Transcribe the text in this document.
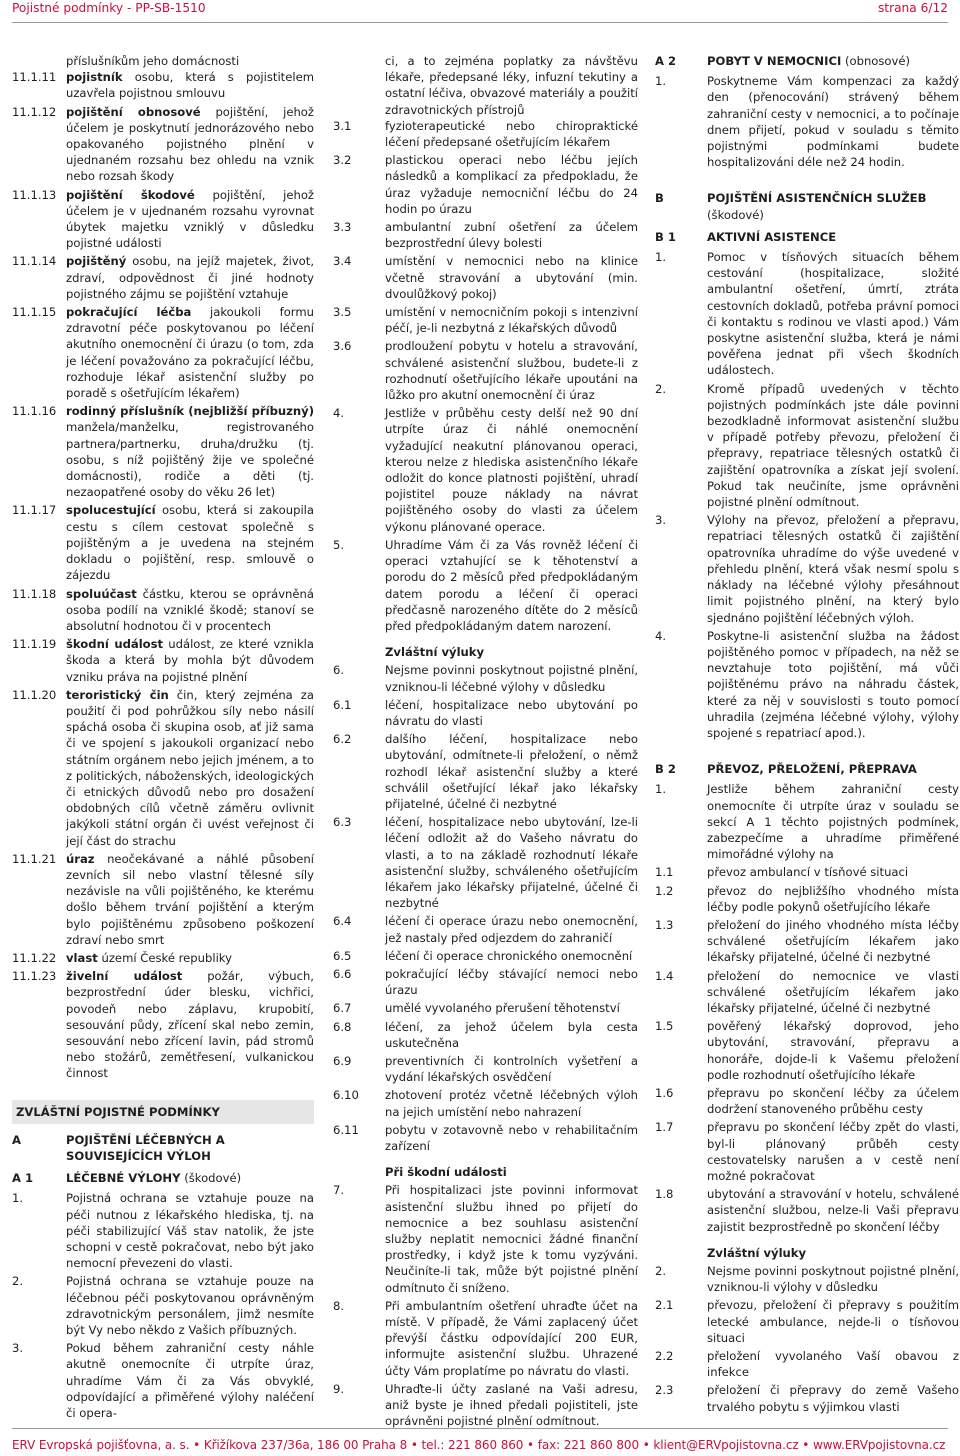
Pojistné podmínky - PP-SB-1510	strana 6/12
příslušníkům jeho domácnosti
11.1.11 pojistník osobu, která s pojistitelem uzavřela pojistnou smlouvu
11.1.12 pojištění obnosové pojištění, jehož účelem je poskytnutí jednorázového nebo opakovaného pojistného plnění v ujednaném rozsahu bez ohledu na vznik nebo rozsah škody
11.1.13 pojištění škodové pojištění, jehož účelem je v ujednaném rozsahu vyrovnat úbytek majetku vzniklý v důsledku pojistné události
11.1.14 pojištěný osobu, na jejíž majetek, život, zdraví, odpovědnost či jiné hodnoty pojistného zájmu se pojištění vztahuje
11.1.15 pokračující léčba jakoukoli formu zdravotní péče poskytovanou po léčení akutního onemocnění či úrazu (o tom, zda je léčení považováno za pokračující léčbu, rozhoduje lékař asistenční služby po poradě s ošetřujícím lékařem)
11.1.16 rodinný příslušník (nejbližší příbuzný) manžela/manželku, registrovaného partnera/partnerku, druha/družku (tj. osobu, s níž pojištěný žije ve společné domácnosti), rodiče a děti (tj. nezaopatřené osoby do věku 26 let)
11.1.17 spolucestující osobu, která si zakoupila cestu s cílem cestovat společně s pojištěným a je uvedena na stejném dokladu o pojištění, resp. smlouvě o zájezdu
11.1.18 spoluúčast částku, kterou se oprávněná osoba podílí na vzniklé škodě; stanoví se absolutní hodnotou či v procentech
11.1.19 škodní událost událost, ze které vznikla škoda a která by mohla být důvodem vzniku práva na pojistné plnění
11.1.20 teroristický čin čin, který zejména za použití či pod pohrůžkou síly nebo násilí spáchá osoba či skupina osob, ať již sama či ve spojení s jakoukoli organizací nebo státním orgánem nebo jejich jménem, a to z politických, náboženských, ideologických či etnických důvodů nebo pro dosažení obdobných cílů včetně záměru ovlivnit jakýkoli státní orgán či uvést veřejnost či její část do strachu
11.1.21 úraz neočekávané a náhlé působení zevních sil nebo vlastní tělesné síly nezávisle na vůli pojištěného, ke kterému došlo během trvání pojištění a kterým bylo pojištěnému způsobeno poškození zdraví nebo smrt
11.1.22 vlast území České republiky
11.1.23 živelní událost požár, výbuch, bezprostřední úder blesku, vichřici, povodeň nebo záplavu, krupobití, sesouvání půdy, zřícení skal nebo zemin, sesouvání nebo zřícení lavin, pád stromů nebo stožárů, zemětřesení, vulkanickou činnost
ZVLÁŠTNÍ POJISTNÉ PODMÍNKY
A	POJIŠTĚNÍ LÉČEBNÝCH A SOUVISEJÍCÍCH VÝLOH
A 1	LÉČEBNÉ VÝLOHY (škodové)
1.	Pojistná ochrana se vztahuje pouze na péči nutnou z lékařského hlediska, tj. na péči stabilizující Váš stav natolik, že jste schopni v cestě pokračovat, nebo být jako nemocní převezeni do vlasti.
2.	Pojistná ochrana se vztahuje pouze na léčebnou péči poskytovanou oprávněným zdravotnickým personálem, jimž nesmíte být Vy nebo někdo z Vašich příbuzných.
3.	Pokud během zahraniční cesty náhle akutně onemocníte či utrpíte úraz, uhradíme Vám či za Vás obvyklé, odpovídající a přiměřené výlohy naléčení či opera-
ci, a to zejména poplatky za návštěvu lékaře, předepsané léky, infuzní tekutiny a ostatní léčiva, obvazové materiály a použití zdravotnických přístrojů
3.1	fyzioterapeutické nebo chiropraktické léčení předepsané ošetřujícím lékařem
3.2	plastickou operaci nebo léčbu jejích následků a komplikací za předpokladu, že úraz vyžaduje nemocniční léčbu do 24 hodin po úrazu
3.3	ambulantní zubní ošetření za účelem bezprostřední úlevy bolesti
3.4	umístění v nemocnici nebo na klinice včetně stravování a ubytování (min. dvoulůžkový pokoj)
3.5	umístění v nemocničním pokoji s intenzivní péčí, je-li nezbytná z lékařských důvodů
3.6	prodloužení pobytu v hotelu a stravování, schválené asistenční službou, budete-li z rozhodnutí ošetřujícího lékaře upoutáni na lůžko pro akutní onemocnění či úraz
4.	Jestliže v průběhu cesty delší než 90 dní utrpíte úraz či náhlé onemocnění vyžadující neakutní plánovanou operaci, kterou nelze z hlediska asistenčního lékaře odložit do konce platnosti pojištění, uhradí pojistitel pouze náklady na návrat pojištěného osoby do vlasti za účelem výkonu plánované operace.
5.	Uhradíme Vám či za Vás rovněž léčení či operaci vztahující se k těhotenství a porodu do 2 měsíců před předpokládaným datem porodu a léčení či operaci předčasně narozeného dítěte do 2 měsíců před předpokládaným datem narození.
Zvláštní výluky
6.	Nejsme povinni poskytnout pojistné plnění, vzniknou-li léčebné výlohy v důsledku
6.1	léčení, hospitalizace nebo ubytování po návratu do vlasti
6.2	dalšího léčení, hospitalizace nebo ubytování, odmítnete-li přeložení, o němž rozhodl lékař asistenční služby a které schválil ošetřující lékař jako lékařsky přijatelné, účelné či nezbytné
6.3	léčení, hospitalizace nebo ubytování, lze-li léčení odložit až do Vašeho návratu do vlasti, a to na základě rozhodnutí lékaře asistenční služby, schváleného ošetřujícím lékařem jako lékařsky přijatelné, účelné či nezbytné
6.4	léčení či operace úrazu nebo onemocnění, jež nastaly před odjezdem do zahraničí
6.5	léčení či operace chronického onemocnění
6.6	pokračující léčby stávající nemoci nebo úrazu
6.7	umělé vyvolaného přerušení těhotenství
6.8	léčení, za jehož účelem byla cesta uskutečněna
6.9	preventivních či kontrolních vyšetření a vydání lékařských osvědčení
6.10 zhotovení protéz včetně léčebných výloh na jejich umístění nebo nahrazení
6.11 pobytu v zotavovně nebo v rehabilitačním zařízení
Při škodní události
7.	Při hospitalizaci jste povinni informovat asistenční službu ihned po přijetí do nemocnice a bez souhlasu asistenční služby neplatit nemocnici žádné finanční prostředky, i když jste k tomu vyzýváni. Neučiníte-li tak, může být pojistné plnění odmítnuto či sníženo.
8.	Při ambulantním ošetření uhraďte účet na místě. V případě, že Vámi zaplacený účet převýší částku odpovídající 200 EUR, informujte asistenční službu. Uhrazené účty Vám proplatíme po návratu do vlasti.
9.	Uhraďte-li účty zaslané na Vaši adresu, aniž byste je ihned předali pojistiteli, jste oprávněni pojistné plnění odmítnout.
A 2	POBYT V NEMOCNICI (obnosové)
1.	Poskytneme Vám kompenzaci za každý den (přenocování) strávený během zahraniční cesty v nemocnici, a to počínaje dnem přijetí, pokud v souladu s těmito pojistnými podmínkami budete hospitalizováni déle než 24 hodin.
B	POJIŠTĚNÍ ASISTENČNÍCH SLUŽEB
(škodové)
B 1	AKTIVNÍ ASISTENCE
1.	Pomoc v tísňových situacích během cestování (hospitalizace, složité ambulantní ošetření, úmrtí, ztráta cestovních dokladů, potřeba právní pomoci či kontaktu s rodinou ve vlasti apod.) Vám poskytne asistenční služba, která je námi pověřena jednat při všech škodních událostech.
2.	Kromě případů uvedených v těchto pojistných podmínkách jste dále povinni bezodkladně informovat asistenční službu v případě potřeby převozu, přeložení či přepravy, repatriace tělesných ostatků či zajištění opatrovníka a získat její svolení. Pokud tak neučiníte, jsme oprávněni pojistné plnění odmítnout.
3.	Výlohy na převoz, přeložení a přepravu, repatriaci tělesných ostatků či zajištění opatrovníka uhradíme do výše uvedené v přehledu plnění, která však nesmí spolu s náklady na léčebné výlohy přesáhnout limit pojistného plnění, na který bylo sjednáno pojištění léčebných výloh.
4.	Poskytne-li asistenční služba na žádost pojištěného pomoc v případech, na něž se nevztahuje toto pojištění, má vůči pojištěnému právo na náhradu částek, které za něj v souvislosti s touto pomocí uhradila (zejména léčebné výlohy, výlohy spojené s repatriací apod.).
B 2	PŘEVOZ, PŘELOŽENÍ, PŘEPRAVA
1.	Jestliže během zahraniční cesty onemocníte či utrpíte úraz v souladu se sekcí A 1 těchto pojistných podmínek, zabezpečíme a uhradíme přiměřené mimořádné výlohy na
1.1	převoz ambulancí v tísňové situaci
1.2	převoz do nejbližšího vhodného místa léčby podle pokynů ošetřujícího lékaře
1.3	přeložení do jiného vhodného místa léčby schválené ošetřujícím lékařem jako lékařsky přijatelné, účelné či nezbytné
1.4	přeložení do nemocnice ve vlasti schválené ošetřujícím lékařem jako lékařsky přijatelné, účelné či nezbytné
1.5	pověřený lékařský doprovod, jeho ubytování, stravování, přepravu a honoráře, dojde-li k Vašemu přeložení podle rozhodnutí ošetřujícího lékaře
1.6	přepravu po skončení léčby za účelem dodržení stanoveného průběhu cesty
1.7	přepravu po skončení léčby zpět do vlasti, byl-li plánovaný průběh cesty cestovatelsky narušen a v cestě není možné pokračovat
1.8	ubytování a stravování v hotelu, schválené asistenční službou, nelze-li Vaši přepravu zajistit bezprostředně po skončení léčby
Zvláštní výluky
2.	Nejsme povinni poskytnout pojistné plnění, vzniknou-li výlohy v důsledku
2.1	převozu, přeložení či přepravy s použitím letecké ambulance, nejde-li o tísňovou situaci
2.2	přeložení vyvolaného Vaší obavou z infekce
2.3	přeložení či přepravy do země Vašeho trvalého pobytu s výjimkou vlasti
ERV Evropská pojišťovna, a. s. • Křižíkova 237/36a, 186 00 Praha 8 • tel.: 221 860 860 • fax: 221 860 800 • klient@ERVpojistovna.cz • www.ERVpojistovna.cz
